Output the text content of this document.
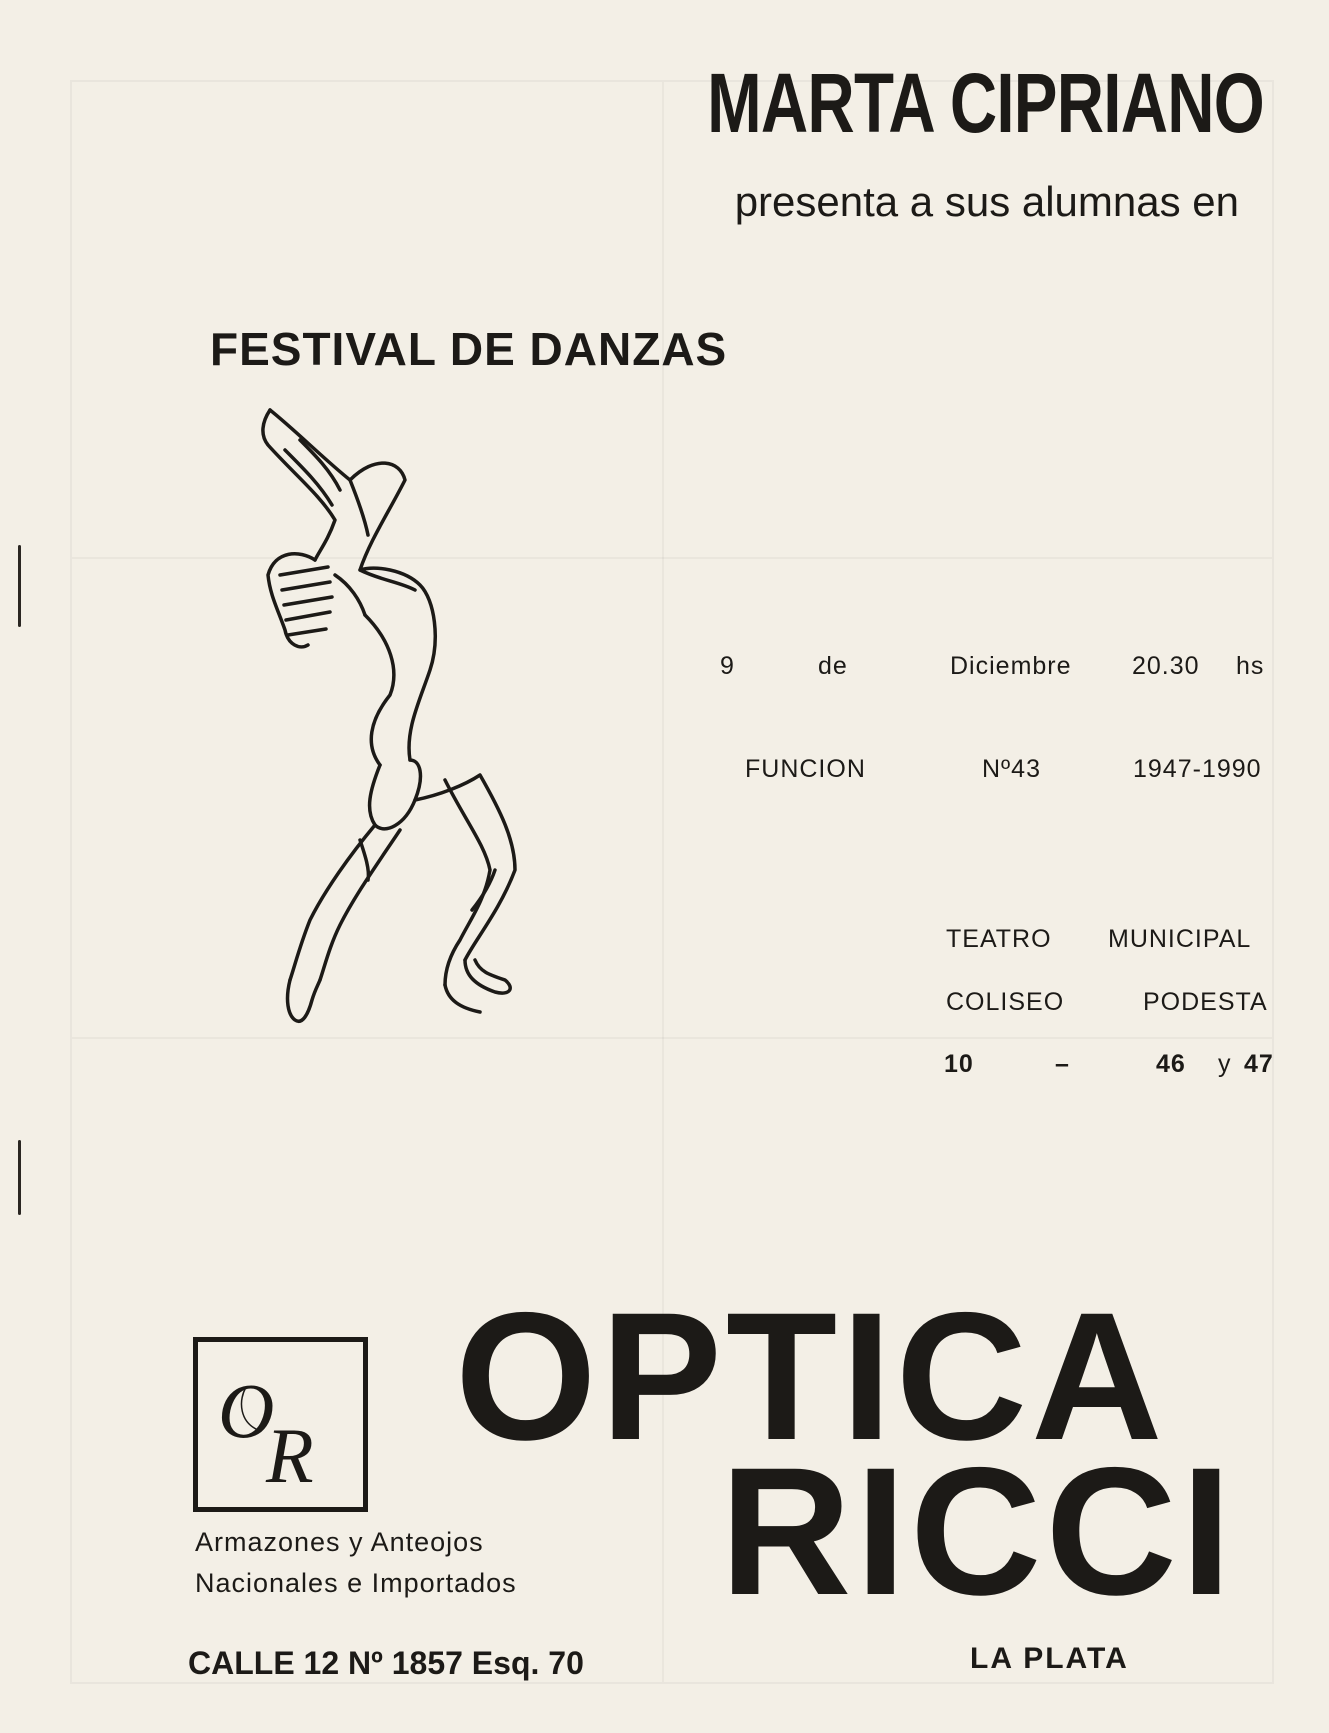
MARTA CIPRIANO
presenta a sus alumnas en
FESTIVAL DE DANZAS
9	de	Diciembre 20.30 hs
FUNCION	Nº43	1947-1990
TEATRO MUNICIPAL
COLISEO	PODESTA
10	–	46 y 47
O
R
Armazones y Anteojos
Nacionales e Importados
OPTICA
RICCI
CALLE 12 Nº 1857 Esq. 70	LA PLATA
